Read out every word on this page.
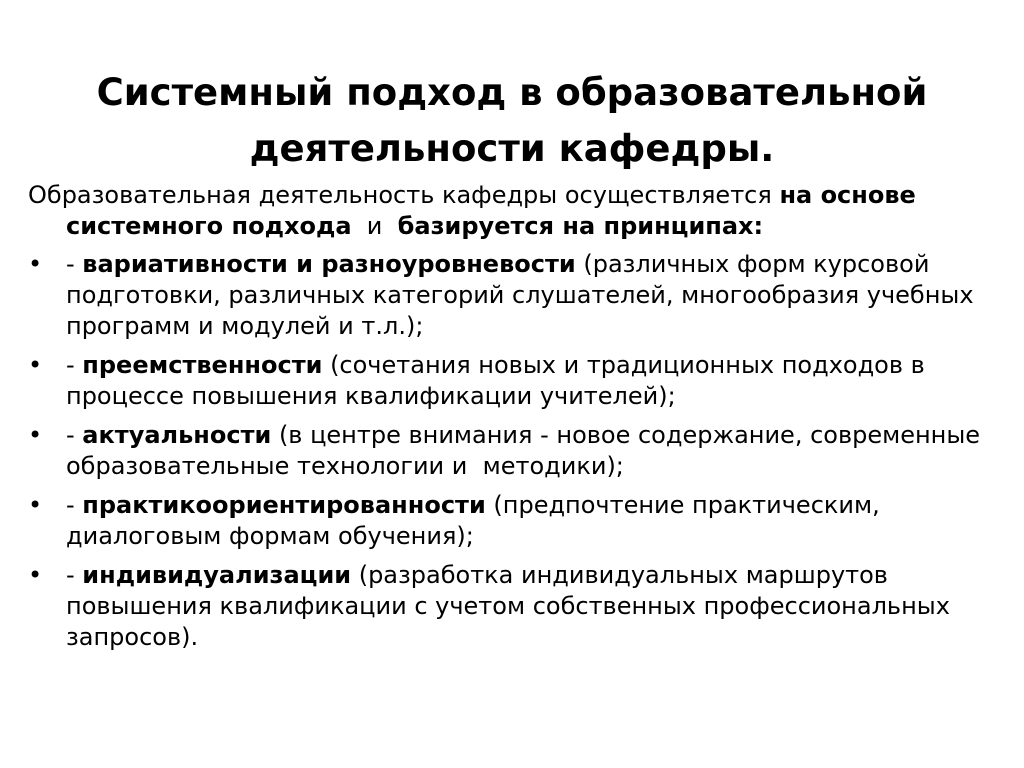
Системный подход в образовательной
деятельности кафедры.

Образовательная деятельность кафедры осуществляется на основе системного подхода  и  базируется на принципах:

• - вариативности и разноуровневости (различных форм курсовой подготовки, различных категорий слушателей, многообразия учебных программ и модулей и т.л.);
• - преемственности (сочетания новых и традиционных подходов в процессе повышения квалификации учителей);
• - актуальности (в центре внимания - новое содержание, современные образовательные технологии и  методики);
• - практикоориентированности (предпочтение практическим, диалоговым формам обучения);
• - индивидуализации (разработка индивидуальных маршрутов повышения квалификации с учетом собственных профессиональных запросов).
